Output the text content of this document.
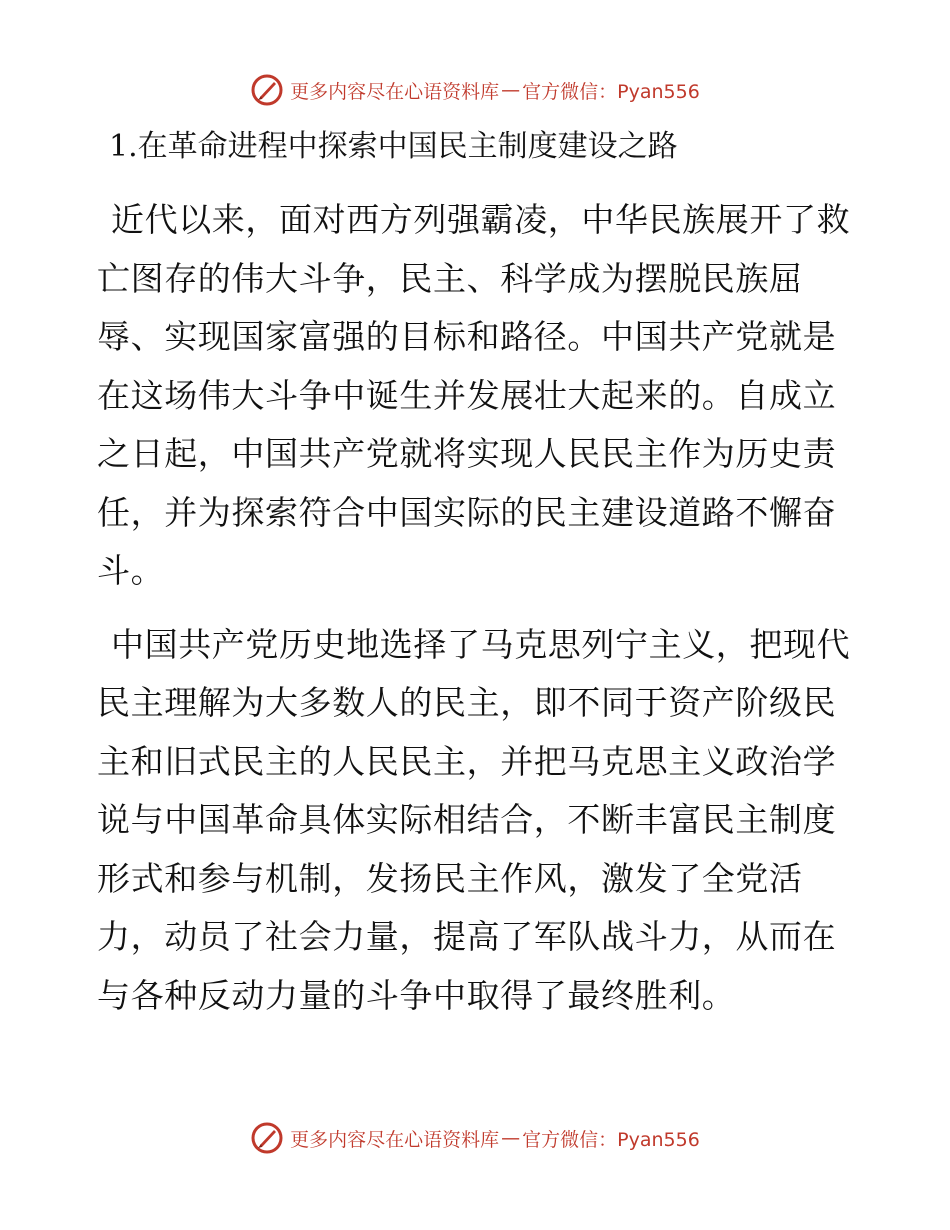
更多内容尽在心语资料库 — 官方微信：Pyan556
1.在革命进程中探索中国民主制度建设之路

近代以来，面对西方列强霸凌，中华民族展开了救亡图存的伟大斗争，民主、科学成为摆脱民族屈辱、实现国家富强的目标和路径。中国共产党就是在这场伟大斗争中诞生并发展壮大起来的。自成立之日起，中国共产党就将实现人民民主作为历史责任，并为探索符合中国实际的民主建设道路不懈奋斗。

中国共产党历史地选择了马克思列宁主义，把现代民主理解为大多数人的民主，即不同于资产阶级民主和旧式民主的人民民主，并把马克思主义政治学说与中国革命具体实际相结合，不断丰富民主制度形式和参与机制，发扬民主作风，激发了全党活力，动员了社会力量，提高了军队战斗力，从而在与各种反动力量的斗争中取得了最终胜利。

更多内容尽在心语资料库 — 官方微信：Pyan556
